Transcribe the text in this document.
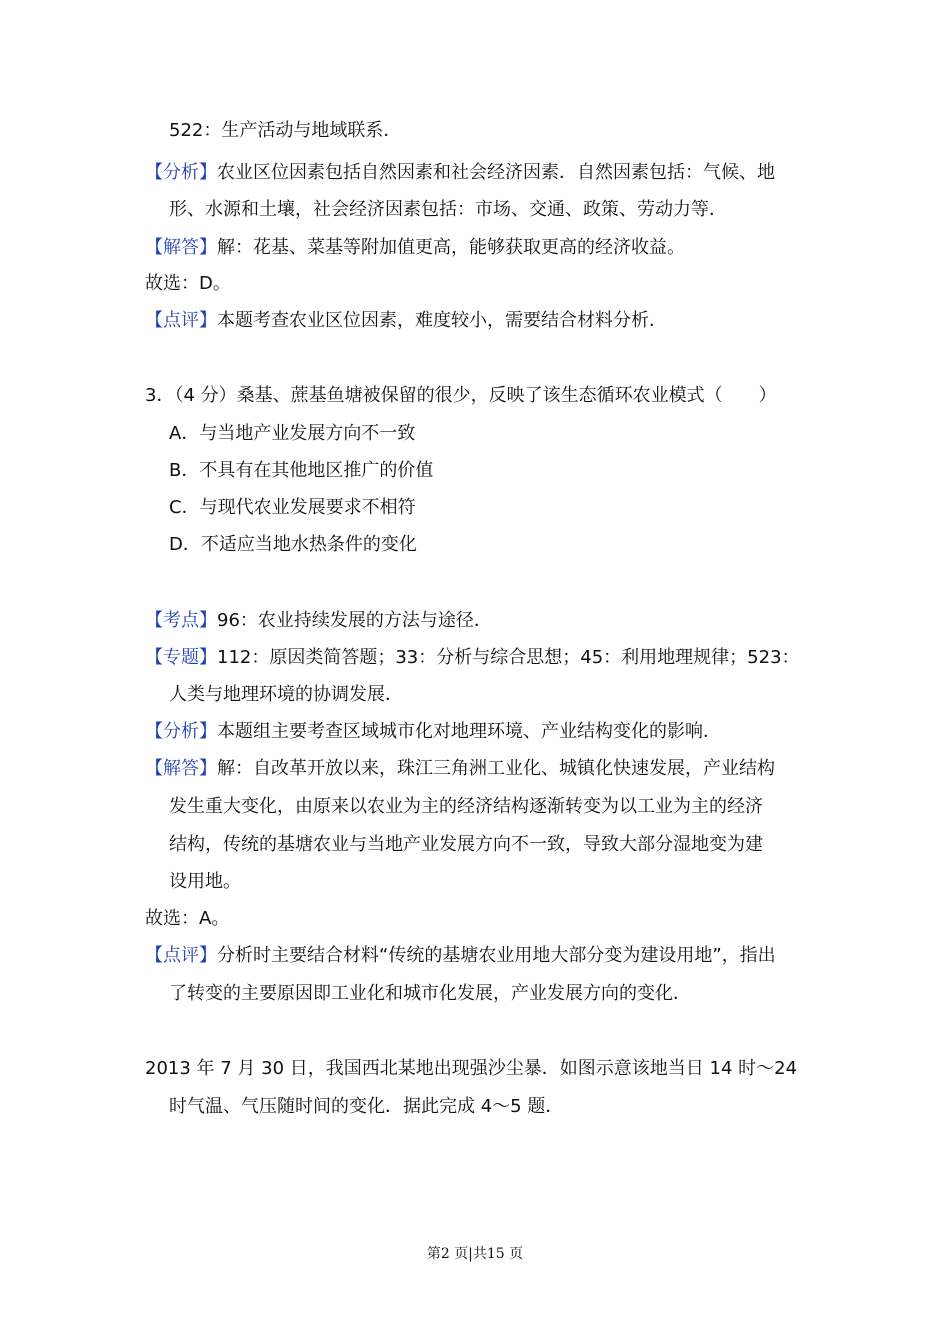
522：生产活动与地域联系．
【分析】农业区位因素包括自然因素和社会经济因素．自然因素包括：气候、地
形、水源和土壤，社会经济因素包括：市场、交通、政策、劳动力等．
【解答】解：花基、菜基等附加值更高，能够获取更高的经济收益。
故选：D。
【点评】本题考查农业区位因素，难度较小，需要结合材料分析．
3．（4 分）桑基、蔗基鱼塘被保留的很少，反映了该生态循环农业模式（　　）
A．与当地产业发展方向不一致
B．不具有在其他地区推广的价值
C．与现代农业发展要求不相符
D．不适应当地水热条件的变化
【考点】96：农业持续发展的方法与途径．
【专题】112：原因类简答题；33：分析与综合思想；45：利用地理规律；523：
人类与地理环境的协调发展．
【分析】本题组主要考查区域城市化对地理环境、产业结构变化的影响．
【解答】解：自改革开放以来，珠江三角洲工业化、城镇化快速发展，产业结构
发生重大变化，由原来以农业为主的经济结构逐渐转变为以工业为主的经济
结构，传统的基塘农业与当地产业发展方向不一致，导致大部分湿地变为建
设用地。
故选：A。
【点评】分析时主要结合材料“传统的基塘农业用地大部分变为建设用地”，指出
了转变的主要原因即工业化和城市化发展，产业发展方向的变化．
2013 年 7 月 30 日，我国西北某地出现强沙尘暴．如图示意该地当日 14 时～24
时气温、气压随时间的变化．据此完成 4～5 题．
第2 页|共15 页
